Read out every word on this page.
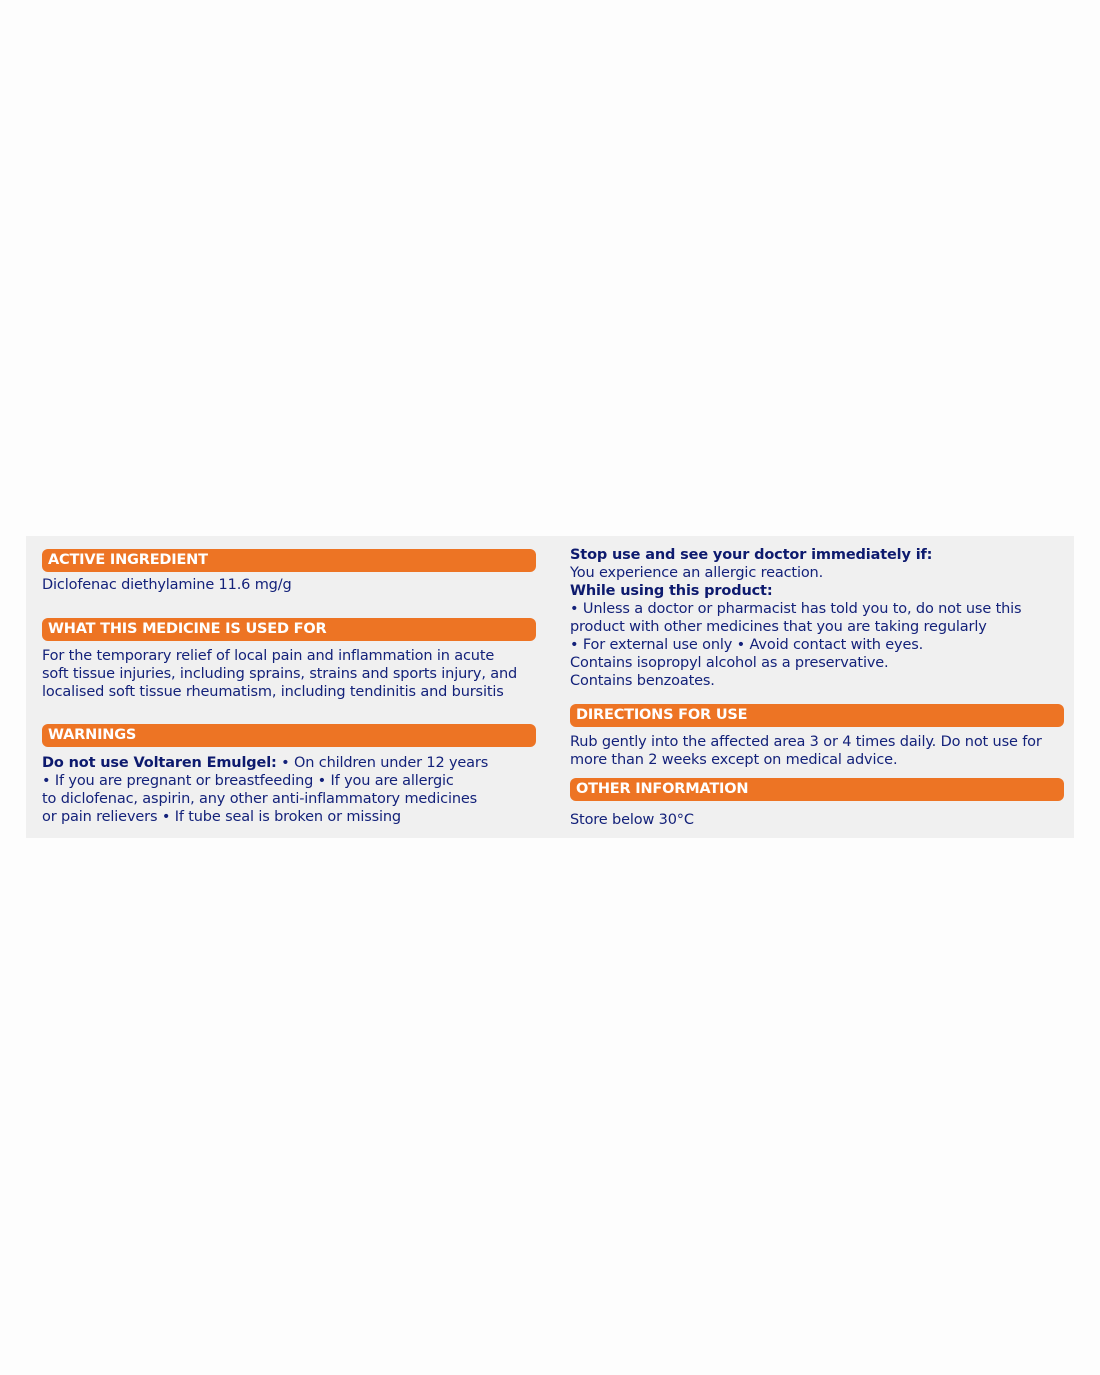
ACTIVE INGREDIENT
Diclofenac diethylamine 11.6 mg/g
WHAT THIS MEDICINE IS USED FOR
For the temporary relief of local pain and inflammation in acute
soft tissue injuries, including sprains, strains and sports injury, and
localised soft tissue rheumatism, including tendinitis and bursitis
WARNINGS
Do not use Voltaren Emulgel: • On children under 12 years
• If you are pregnant or breastfeeding • If you are allergic
to diclofenac, aspirin, any other anti-inflammatory medicines
or pain relievers • If tube seal is broken or missing
Stop use and see your doctor immediately if:
You experience an allergic reaction.
While using this product:
• Unless a doctor or pharmacist has told you to, do not use this
product with other medicines that you are taking regularly
• For external use only • Avoid contact with eyes.
Contains isopropyl alcohol as a preservative.
Contains benzoates.
DIRECTIONS FOR USE
Rub gently into the affected area 3 or 4 times daily. Do not use for
more than 2 weeks except on medical advice.
OTHER INFORMATION
Store below 30°C
